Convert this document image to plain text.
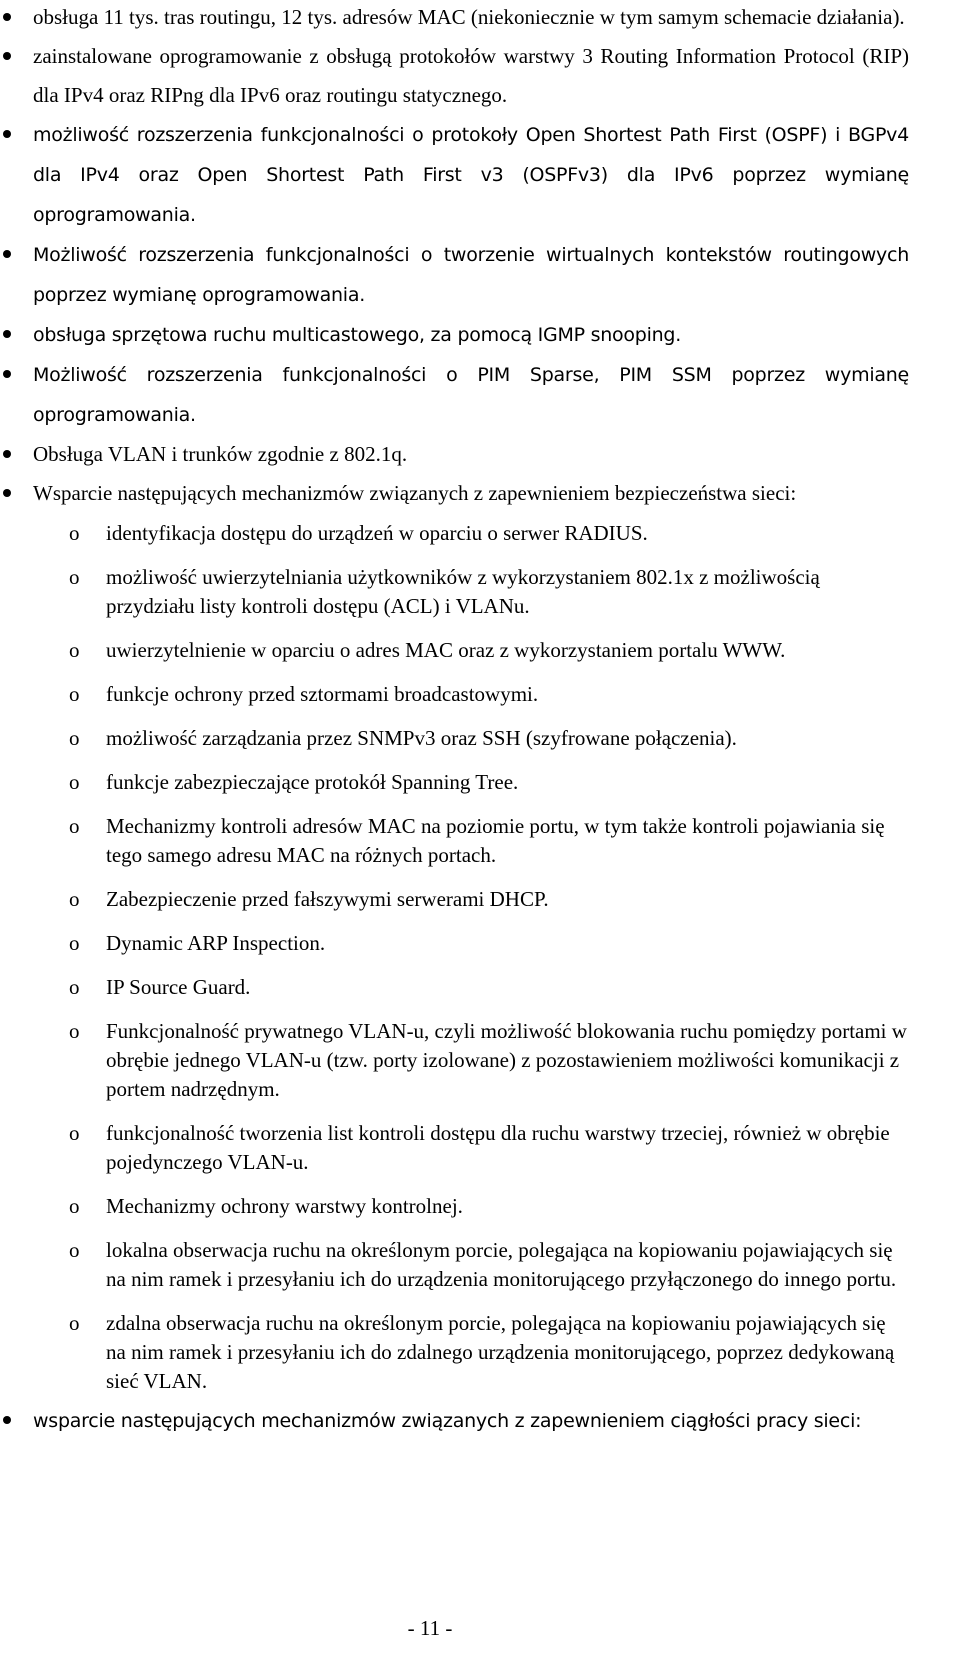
obsługa 11 tys. tras routingu, 12 tys. adresów MAC (niekoniecznie w tym samym schemacie działania).
zainstalowane oprogramowanie z obsługą protokołów warstwy 3 Routing Information Protocol (RIP) dla IPv4 oraz RIPng dla IPv6 oraz routingu statycznego.
możliwość rozszerzenia funkcjonalności o protokoły Open Shortest Path First (OSPF) i BGPv4 dla IPv4 oraz Open Shortest Path First v3 (OSPFv3) dla IPv6 poprzez wymianę oprogramowania.
Możliwość rozszerzenia funkcjonalności o tworzenie wirtualnych kontekstów routingowych poprzez wymianę oprogramowania.
obsługa sprzętowa ruchu multicastowego, za pomocą IGMP snooping.
Możliwość rozszerzenia funkcjonalności o PIM Sparse, PIM SSM poprzez wymianę oprogramowania.
Obsługa VLAN i trunków zgodnie z 802.1q.
Wsparcie następujących mechanizmów związanych z zapewnieniem bezpieczeństwa sieci:
o identyfikacja dostępu do urządzeń w oparciu o serwer RADIUS.
o możliwość uwierzytelniania użytkowników z wykorzystaniem 802.1x z możliwością przydziału listy kontroli dostępu (ACL) i VLANu.
o uwierzytelnienie w oparciu o adres MAC oraz z wykorzystaniem portalu WWW.
o funkcje ochrony przed sztormami broadcastowymi.
o możliwość zarządzania przez SNMPv3 oraz SSH (szyfrowane połączenia).
o funkcje zabezpieczające protokół Spanning Tree.
o Mechanizmy kontroli adresów MAC na poziomie portu, w tym także kontroli pojawiania się tego samego adresu MAC na różnych portach.
o Zabezpieczenie przed fałszywymi serwerami DHCP.
o Dynamic ARP Inspection.
o IP Source Guard.
o Funkcjonalność prywatnego VLAN-u, czyli możliwość blokowania ruchu pomiędzy portami w obrębie jednego VLAN-u (tzw. porty izolowane) z pozostawieniem możliwości komunikacji z portem nadrzędnym.
o funkcjonalność tworzenia list kontroli dostępu dla ruchu warstwy trzeciej, również w obrębie pojedynczego VLAN-u.
o Mechanizmy ochrony warstwy kontrolnej.
o lokalna obserwacja ruchu na określonym porcie, polegająca na kopiowaniu pojawiających się na nim ramek i przesyłaniu ich do urządzenia monitorującego przyłączonego do innego portu.
o zdalna obserwacja ruchu na określonym porcie, polegająca na kopiowaniu pojawiających się na nim ramek i przesyłaniu ich do zdalnego urządzenia monitorującego, poprzez dedykowaną sieć VLAN.
wsparcie następujących mechanizmów związanych z zapewnieniem ciągłości pracy sieci:
- 11 -
